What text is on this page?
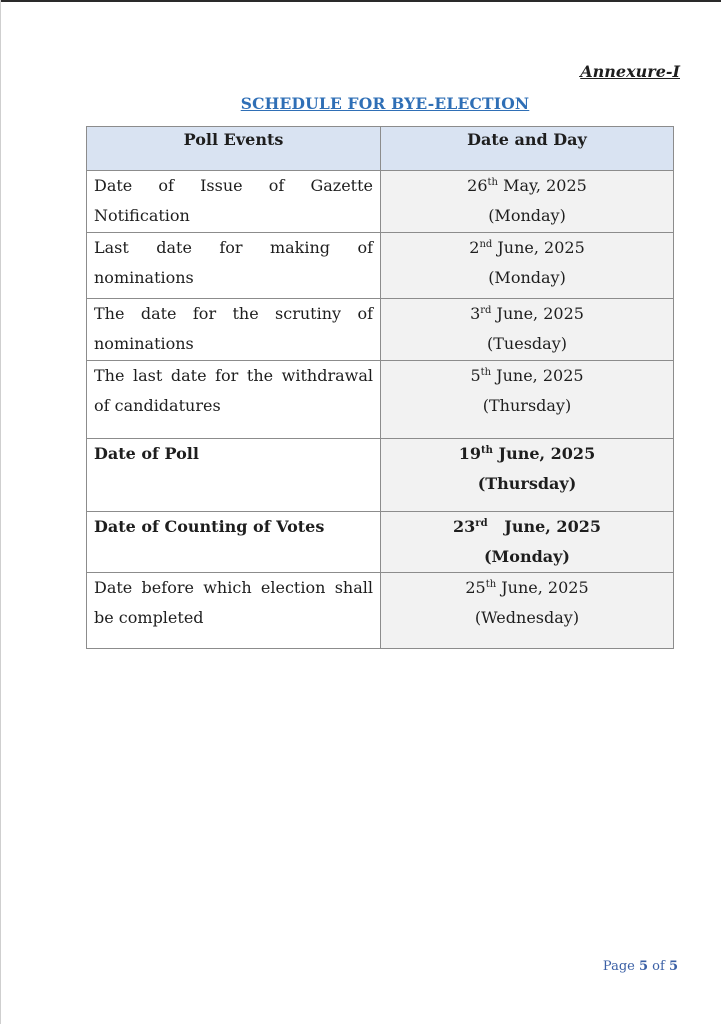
Annexure-I
SCHEDULE FOR BYE-ELECTION
Poll Events	Date and Day
Date of Issue of Gazette Notification	26th May, 2025
(Monday)

Last date for making of nominations	2nd June, 2025
(Monday)

The date for the scrutiny of nominations	3rd June, 2025
(Tuesday)

The last date for the withdrawal of candidatures	5th June, 2025
(Thursday)

Date of Poll	19th June, 2025
(Thursday)

Date of Counting of Votes	23rd   June, 2025
(Monday)

Date before which election shall be completed	25th June, 2025
(Wednesday)
Page 5 of 5
